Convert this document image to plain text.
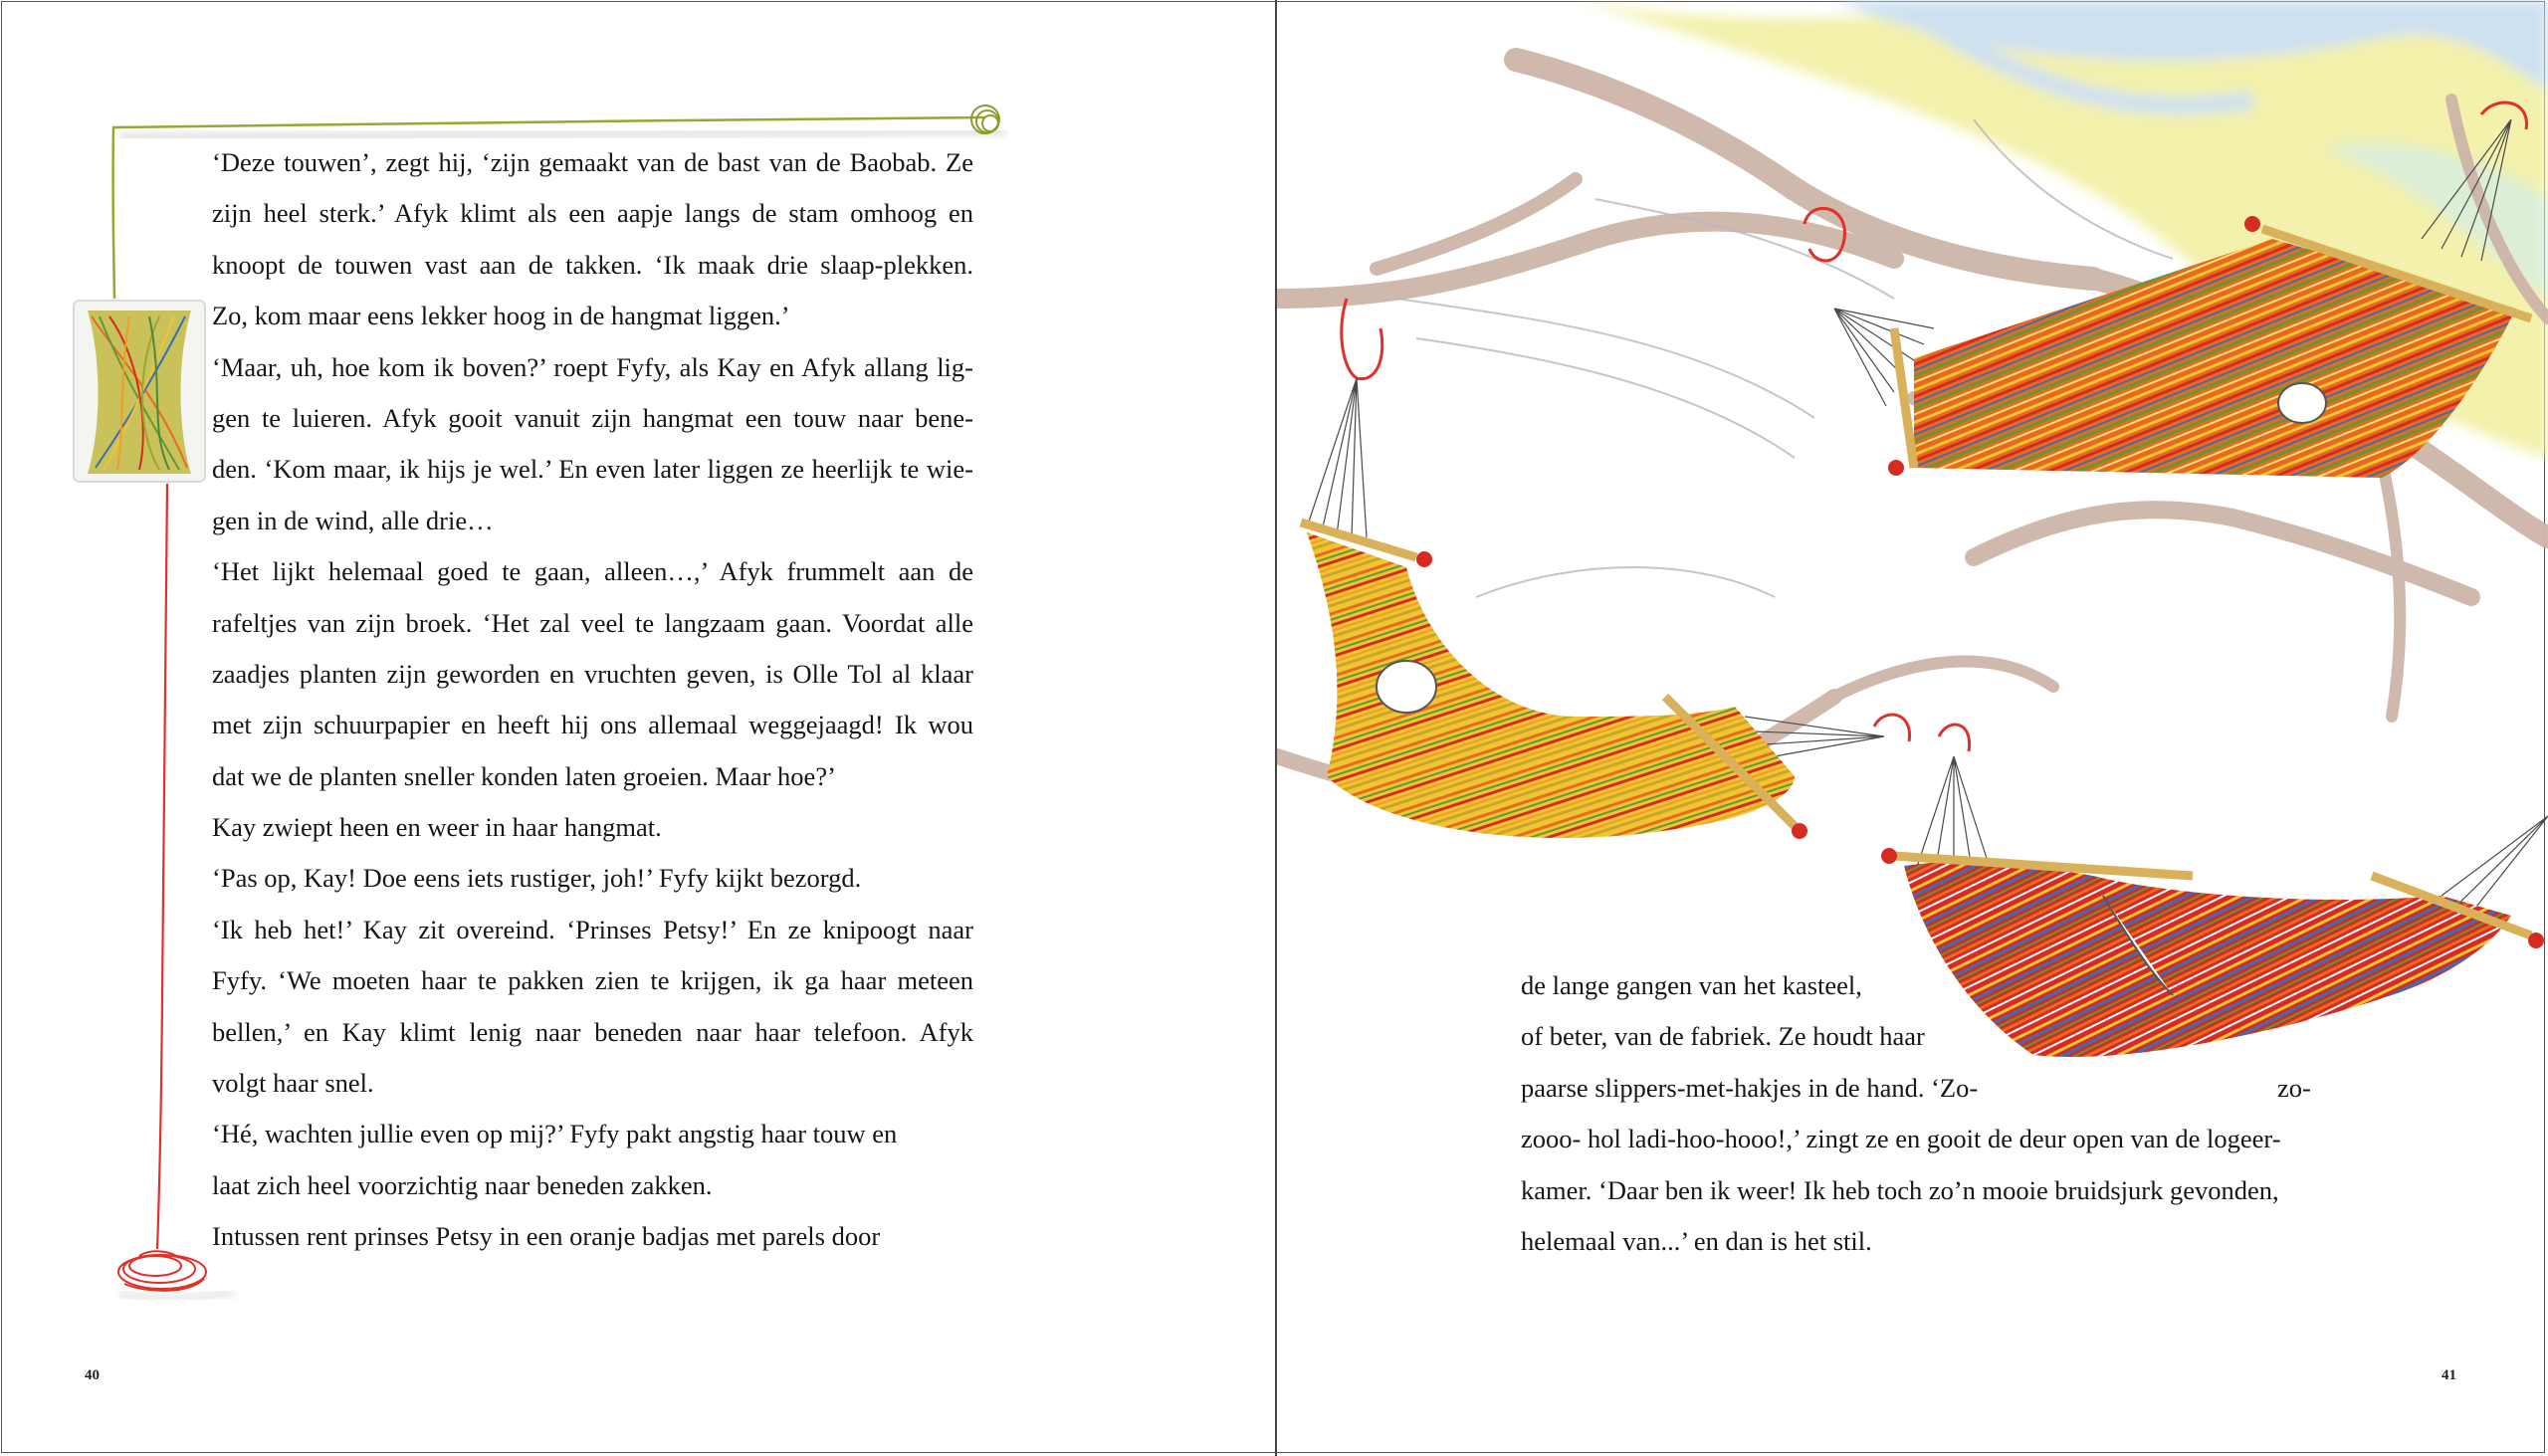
‘Deze touwen’, zegt hij, ‘zijn gemaakt van de bast van de Baobab. Ze
zijn heel sterk.’ Afyk klimt als een aapje langs de stam omhoog en
knoopt de touwen vast aan de takken. ‘Ik maak drie slaap-plekken.
Zo, kom maar eens lekker hoog in de hangmat liggen.’
‘Maar, uh, hoe kom ik boven?’ roept Fyfy, als Kay en Afyk allang lig-
gen te luieren. Afyk gooit vanuit zijn hangmat een touw naar bene-
den. ‘Kom maar, ik hijs je wel.’ En even later liggen ze heerlijk te wie-
gen in de wind, alle drie…
‘Het lijkt helemaal goed te gaan, alleen…,’ Afyk frummelt aan de
rafeltjes van zijn broek. ‘Het zal veel te langzaam gaan. Voordat alle
zaadjes planten zijn geworden en vruchten geven, is Olle Tol al klaar
met zijn schuurpapier en heeft hij ons allemaal weggejaagd! Ik wou
dat we de planten sneller konden laten groeien. Maar hoe?’
Kay zwiept heen en weer in haar hangmat.
‘Pas op, Kay! Doe eens iets rustiger, joh!’ Fyfy kijkt bezorgd.
‘Ik heb het!’ Kay zit overeind. ‘Prinses Petsy!’ En ze knipoogt naar
Fyfy. ‘We moeten haar te pakken zien te krijgen, ik ga haar meteen
bellen,’ en Kay klimt lenig naar beneden naar haar telefoon. Afyk
volgt haar snel.
‘Hé, wachten jullie even op mij?’ Fyfy pakt angstig haar touw en
laat zich heel voorzichtig naar beneden zakken.
Intussen rent prinses Petsy in een oranje badjas met parels door
40
de lange gangen van het kasteel,
of beter, van de fabriek. Ze houdt haar
paarse slippers-met-hakjes in de hand. ‘Zo-	zo-
zooo- hol ladi-hoo-hooo!,’ zingt ze en gooit de deur open van de logeer-
kamer. ‘Daar ben ik weer! Ik heb toch zo’n mooie bruidsjurk gevonden,
helemaal van...’ en dan is het stil.
41
